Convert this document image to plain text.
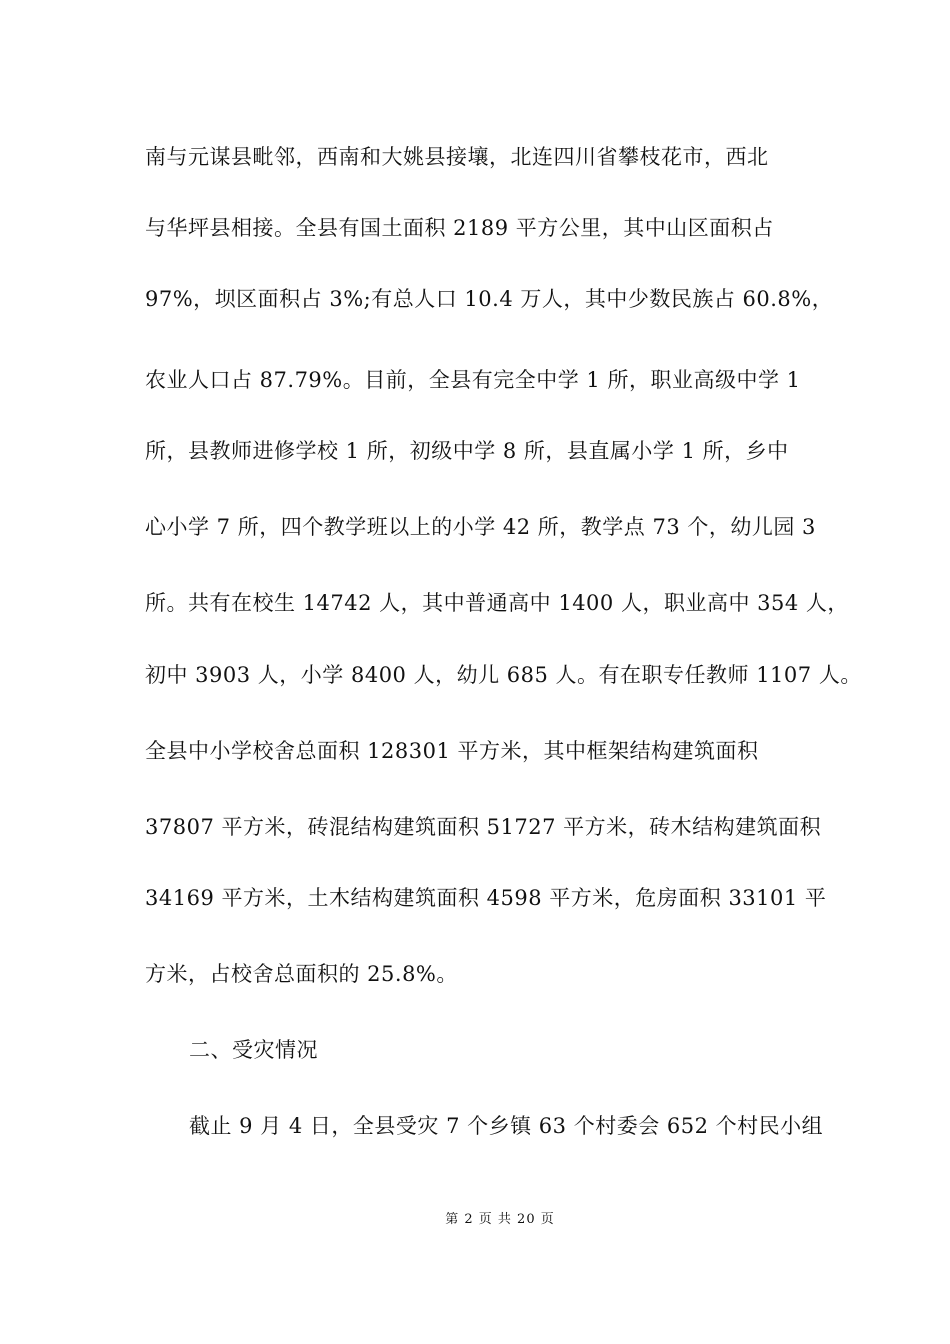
南与元谋县毗邻，西南和大姚县接壤，北连四川省攀枝花市，西北
与华坪县相接。全县有国土面积 2189 平方公里，其中山区面积占
97%，坝区面积占 3%;有总人口 10.4 万人，其中少数民族占 60.8%，
农业人口占 87.79%。目前，全县有完全中学 1 所，职业高级中学 1
所，县教师进修学校 1 所，初级中学 8 所，县直属小学 1 所，乡中
心小学 7 所，四个教学班以上的小学 42 所，教学点 73 个，幼儿园 3
所。共有在校生 14742 人，其中普通高中 1400 人，职业高中 354 人，
初中 3903 人，小学 8400 人，幼儿 685 人。有在职专任教师 1107 人。
全县中小学校舍总面积 128301 平方米，其中框架结构建筑面积
37807 平方米，砖混结构建筑面积 51727 平方米，砖木结构建筑面积
34169 平方米，土木结构建筑面积 4598 平方米，危房面积 33101 平
方米，占校舍总面积的 25.8%。
二、受灾情况
截止 9 月 4 日，全县受灾 7 个乡镇 63 个村委会 652 个村民小组
第 2 页 共 20 页
